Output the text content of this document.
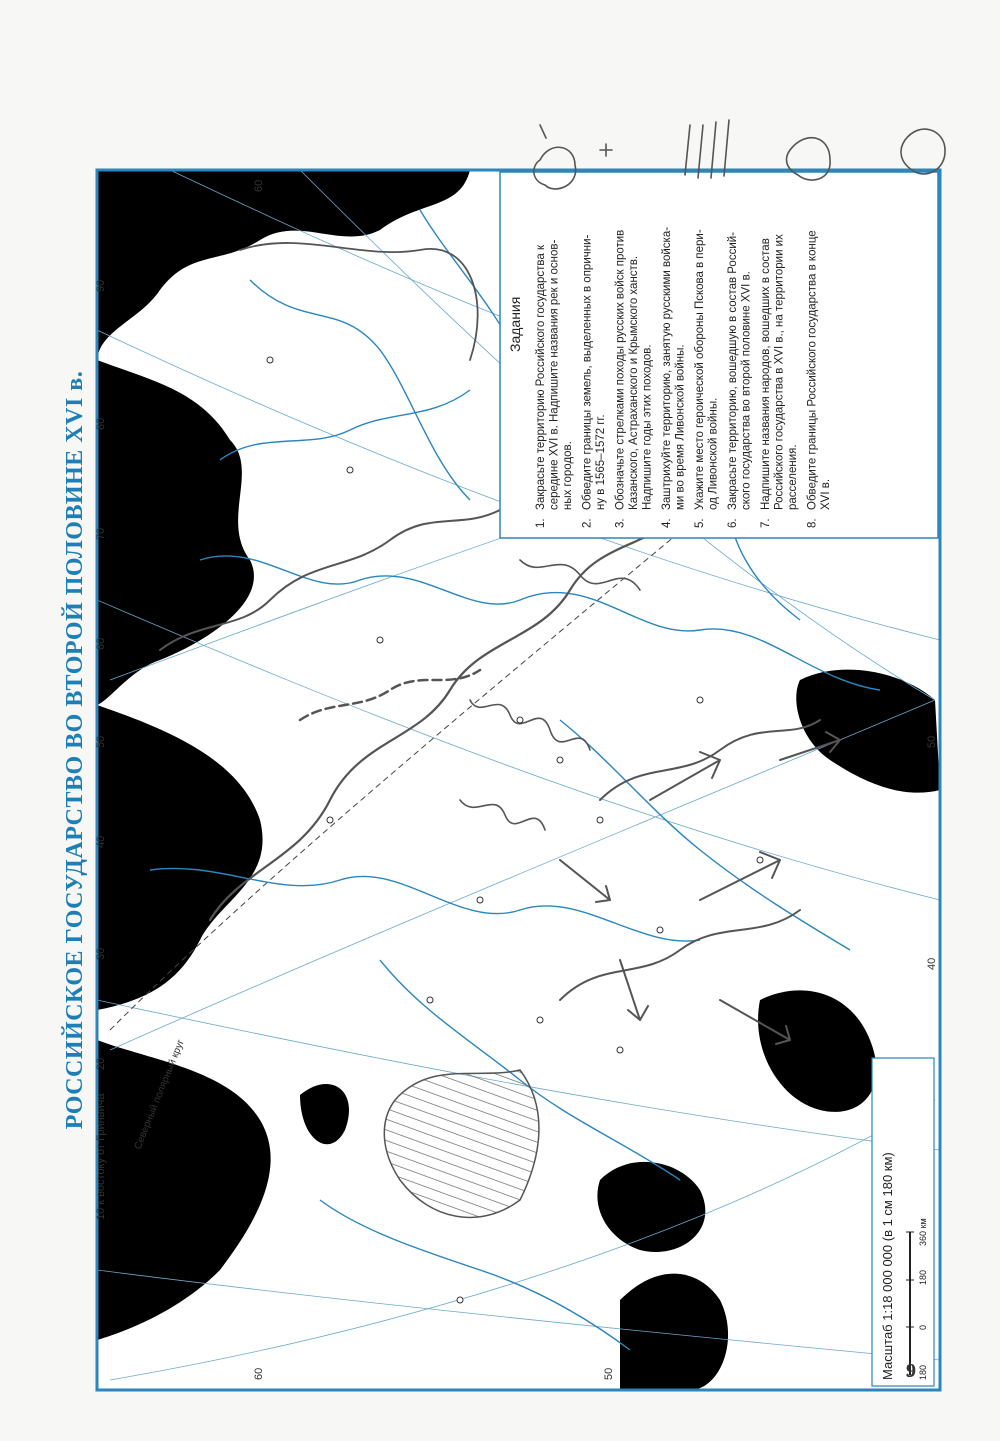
РОССИЙСКОЕ ГОСУДАРСТВО ВО ВТОРОЙ ПОЛОВИНЕ XVI в. 20
30
40
50
60
70
80
90
40
50
60	50
60
10 к востоку от Гринвича	Северный полярный круг
Масштаб 1:18 000 000 (в 1 см 180 км)	180
0
180
360 км
Задания
1.
Закрасьте территорию Российского государства к середине XVI в. Надпишите названия рек и основ- ных городов.
2.
Обведите границы земель, выделенных в опрични- ну в 1565–1572 гг.
3.
Обозначьте стрелками походы русских войск против Казанского, Астраханского и Крымского ханств. Надпишите годы этих походов.
4.
Заштрихуйте территорию, занятую русскими войска- ми во время Ливонской войны.
5.
Укажите место героической обороны Пскова в пери- од Ливонской войны.
6.
Закрасьте территорию, вошедшую в состав Россий- ского государства во второй половине XVI в.
7.
Надпишите названия народов, вошедших в состав Российского государства в XVI в., на территории их расселения.
8.
Обведите границы Российского государства в конце XVI в.
9
